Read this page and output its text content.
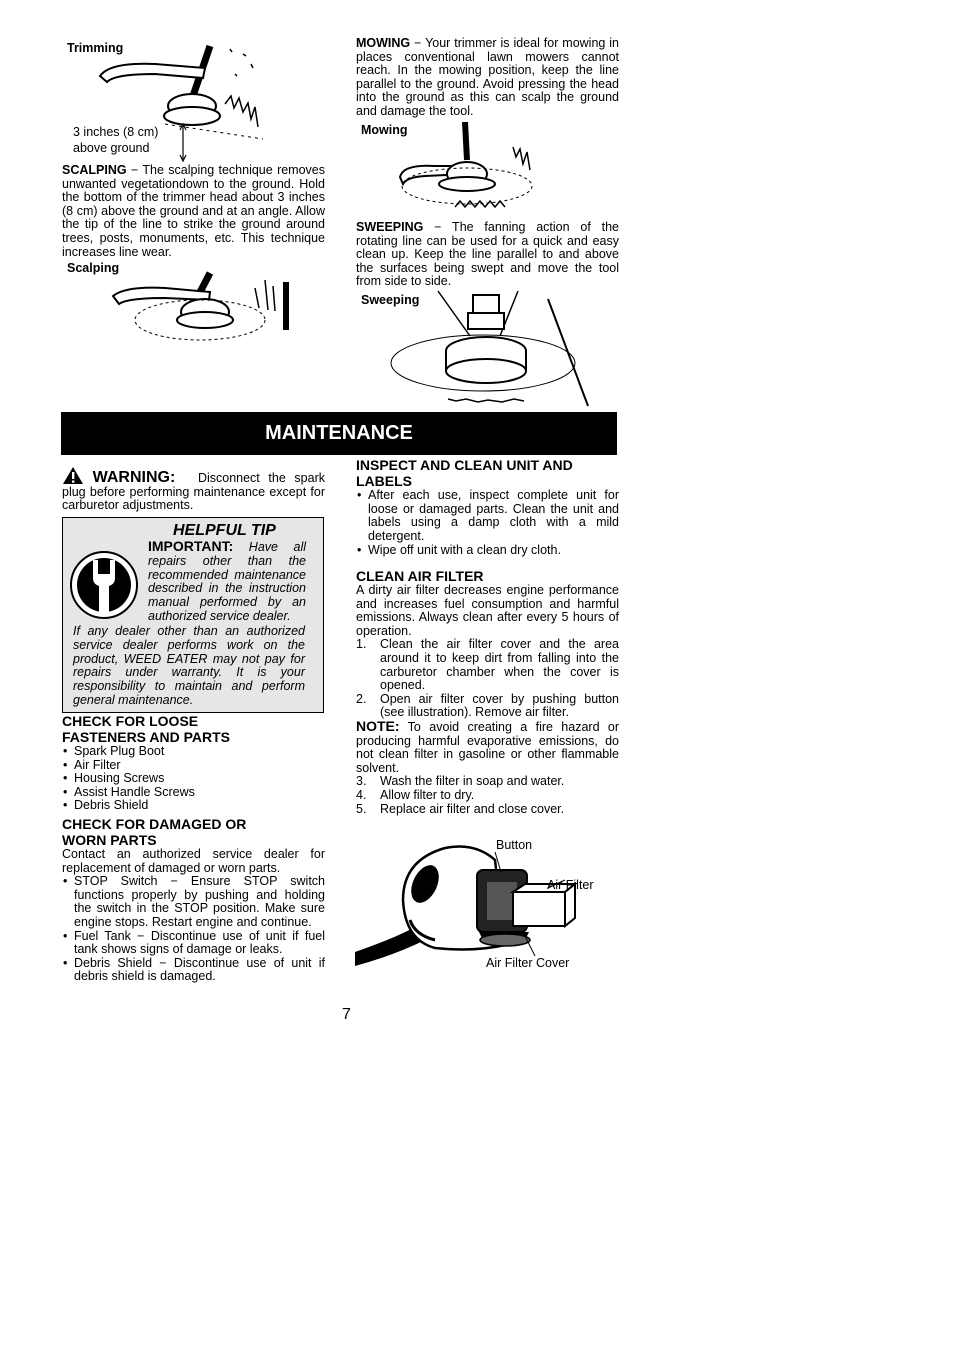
Trimming
3 inches (8 cm)
above ground
SCALPING − The scalping technique removes unwanted vegetationdown to the ground. Hold the bottom of the trimmer head about 3 inches (8 cm) above the ground and at an angle. Allow the tip of the line to strike the ground around trees, posts, monuments, etc. This technique increases line wear.
Scalping
MOWING − Your trimmer is ideal for mowing in places conventional lawn mowers cannot reach. In the mowing position, keep the line parallel to the ground. Avoid pressing the head into the ground as this can scalp the ground and damage the tool.
Mowing
SWEEPING − The fanning action of the rotating line can be used for a quick and easy clean up. Keep the line parallel to and above the surfaces being swept and move the tool from side to side.
Sweeping
MAINTENANCE
WARNING: Disconnect the spark plug before performing maintenance except for carburetor adjustments.
HELPFUL TIP
IMPORTANT: Have all repairs other than the recommended maintenance described in the instruction manual performed by an authorized service dealer.
If any dealer other than an authorized service dealer performs work on the product, WEED EATER may not pay for repairs under warranty. It is your responsibility to maintain and perform general maintenance.
CHECK FOR LOOSE
FASTENERS AND PARTS
• Spark Plug Boot
• Air Filter
• Housing Screws
• Assist Handle Screws
• Debris Shield
CHECK FOR DAMAGED OR
WORN PARTS
Contact an authorized service dealer for replacement of damaged or worn parts.
• STOP Switch − Ensure STOP switch functions properly by pushing and holding the switch in the STOP position. Make sure engine stops. Restart engine and continue.
• Fuel Tank − Discontinue use of unit if fuel tank shows signs of damage or leaks.
• Debris Shield − Discontinue use of unit if debris shield is damaged.
INSPECT AND CLEAN UNIT AND
LABELS
• After each use, inspect complete unit for loose or damaged parts. Clean the unit and labels using a damp cloth with a mild detergent.
• Wipe off unit with a clean dry cloth.
CLEAN AIR FILTER
A dirty air filter decreases engine performance and increases fuel consumption and harmful emissions. Always clean after every 5 hours of operation.
1. Clean the air filter cover and the area around it to keep dirt from falling into the carburetor chamber when the cover is opened.
2. Open air filter cover by pushing button (see illustration). Remove air filter.
NOTE: To avoid creating a fire hazard or producing harmful evaporative emissions, do not clean filter in gasoline or other flammable solvent.
3. Wash the filter in soap and water.
4. Allow filter to dry.
5. Replace air filter and close cover.
Button
Air Filter
Air Filter Cover
7
